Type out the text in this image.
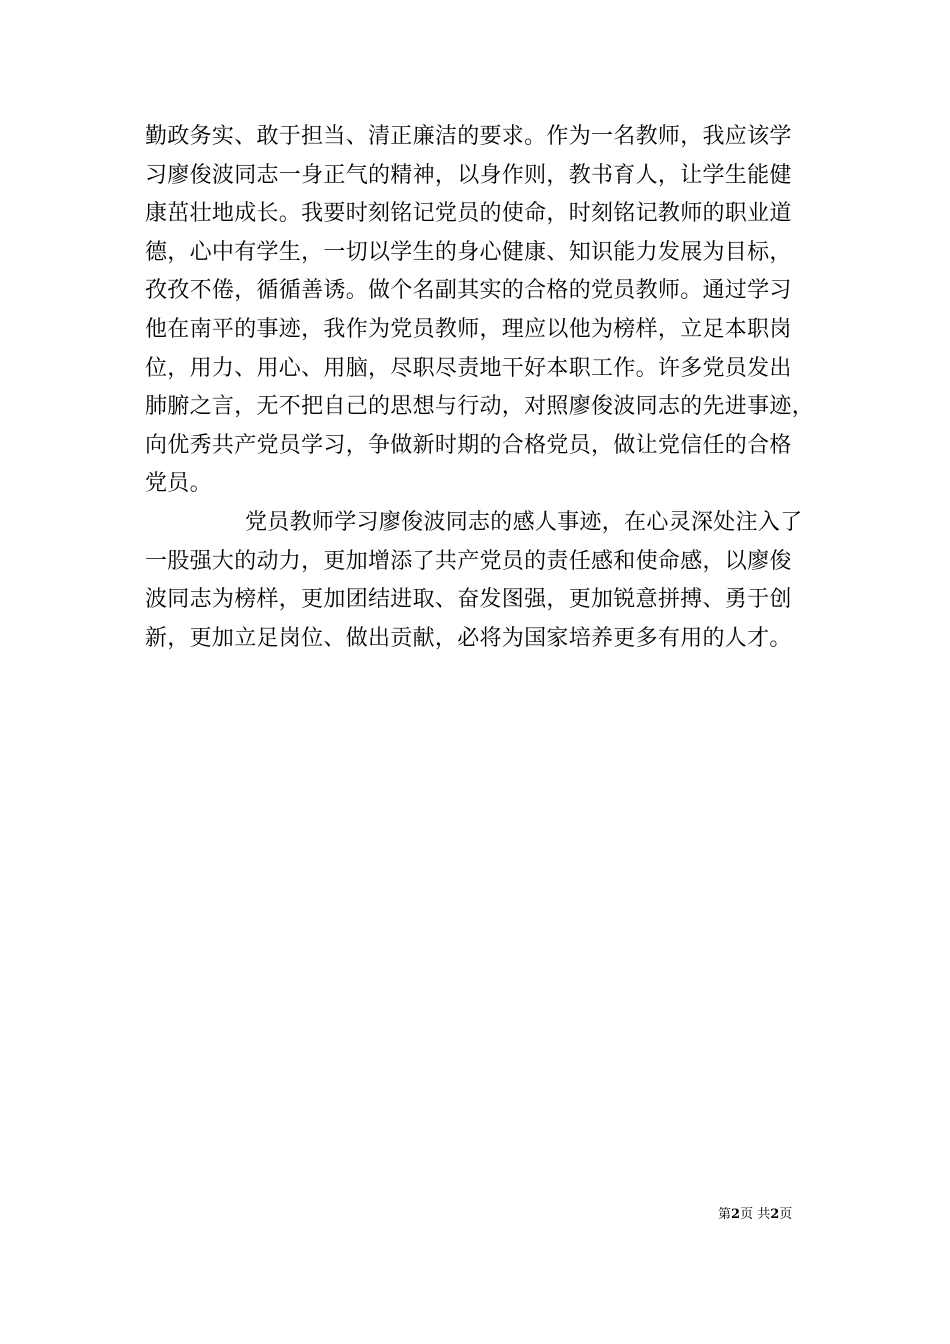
勤政务实、敢于担当、清正廉洁的要求。作为一名教师，我应该学
习廖俊波同志一身正气的精神，以身作则，教书育人，让学生能健
康茁壮地成长。我要时刻铭记党员的使命，时刻铭记教师的职业道
德，心中有学生，一切以学生的身心健康、知识能力发展为目标，
孜孜不倦，循循善诱。做个名副其实的合格的党员教师。通过学习
他在南平的事迹，我作为党员教师，理应以他为榜样，立足本职岗
位，用力、用心、用脑，尽职尽责地干好本职工作。许多党员发出
肺腑之言，无不把自己的思想与行动，对照廖俊波同志的先进事迹，
向优秀共产党员学习，争做新时期的合格党员，做让党信任的合格
党员。
党员教师学习廖俊波同志的感人事迹，在心灵深处注入了
一股强大的动力，更加增添了共产党员的责任感和使命感，以廖俊
波同志为榜样，更加团结进取、奋发图强，更加锐意拼搏、勇于创
新，更加立足岗位、做出贡献，必将为国家培养更多有用的人才。
第2页 共2页
